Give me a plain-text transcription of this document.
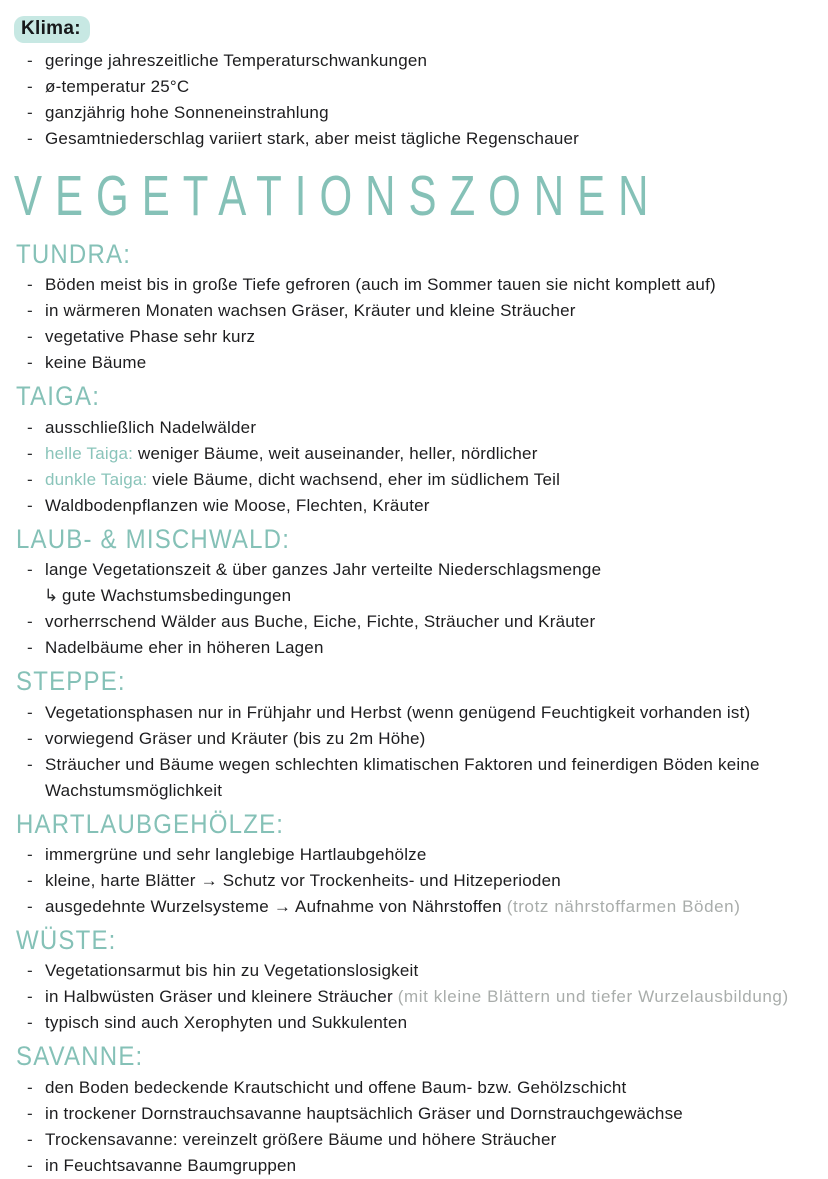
Klima:
- geringe jahreszeitliche Temperaturschwankungen
- ø-temperatur 25°C
- ganzjährig hohe Sonneneinstrahlung
- Gesamtniederschlag variiert stark, aber meist tägliche Regenschauer
VEGETATIONSZONEN
TUNDRA:
- Böden meist bis in große Tiefe gefroren (auch im Sommer tauen sie nicht komplett auf)
- in wärmeren Monaten wachsen Gräser, Kräuter und kleine Sträucher
- vegetative Phase sehr kurz
- keine Bäume
TAIGA:
- ausschließlich Nadelwälder
- helle Taiga: weniger Bäume, weit auseinander, heller, nördlicher
- dunkle Taiga: viele Bäume, dicht wachsend, eher im südlichem Teil
- Waldbodenpflanzen wie Moose, Flechten, Kräuter
LAUB- & MISCHWALD:
- lange Vegetationszeit & über ganzes Jahr verteilte Niederschlagsmenge
↳ gute Wachstumsbedingungen
- vorherrschend Wälder aus Buche, Eiche, Fichte, Sträucher und Kräuter
- Nadelbäume eher in höheren Lagen
STEPPE:
- Vegetationsphasen nur in Frühjahr und Herbst (wenn genügend Feuchtigkeit vorhanden ist)
- vorwiegend Gräser und Kräuter (bis zu 2m Höhe)
- Sträucher und Bäume wegen schlechten klimatischen Faktoren und feinerdigen Böden keine Wachstumsmöglichkeit
HARTLAUBGEHÖLZE:
- immergrüne und sehr langlebige Hartlaubgehölze
- kleine, harte Blätter → Schutz vor Trockenheits- und Hitzeperioden
- ausgedehnte Wurzelsysteme → Aufnahme von Nährstoffen (trotz nährstoffarmen Böden)
WÜSTE:
- Vegetationsarmut bis hin zu Vegetationslosigkeit
- in Halbwüsten Gräser und kleinere Sträucher (mit kleine Blättern und tiefer Wurzelausbildung)
- typisch sind auch Xerophyten und Sukkulenten
SAVANNE:
- den Boden bedeckende Krautschicht und offene Baum- bzw. Gehölzschicht
- in trockener Dornstrauchsavanne hauptsächlich Gräser und Dornstrauchgewächse
- Trockensavanne: vereinzelt größere Bäume und höhere Sträucher
- in Feuchtsavanne Baumgruppen
